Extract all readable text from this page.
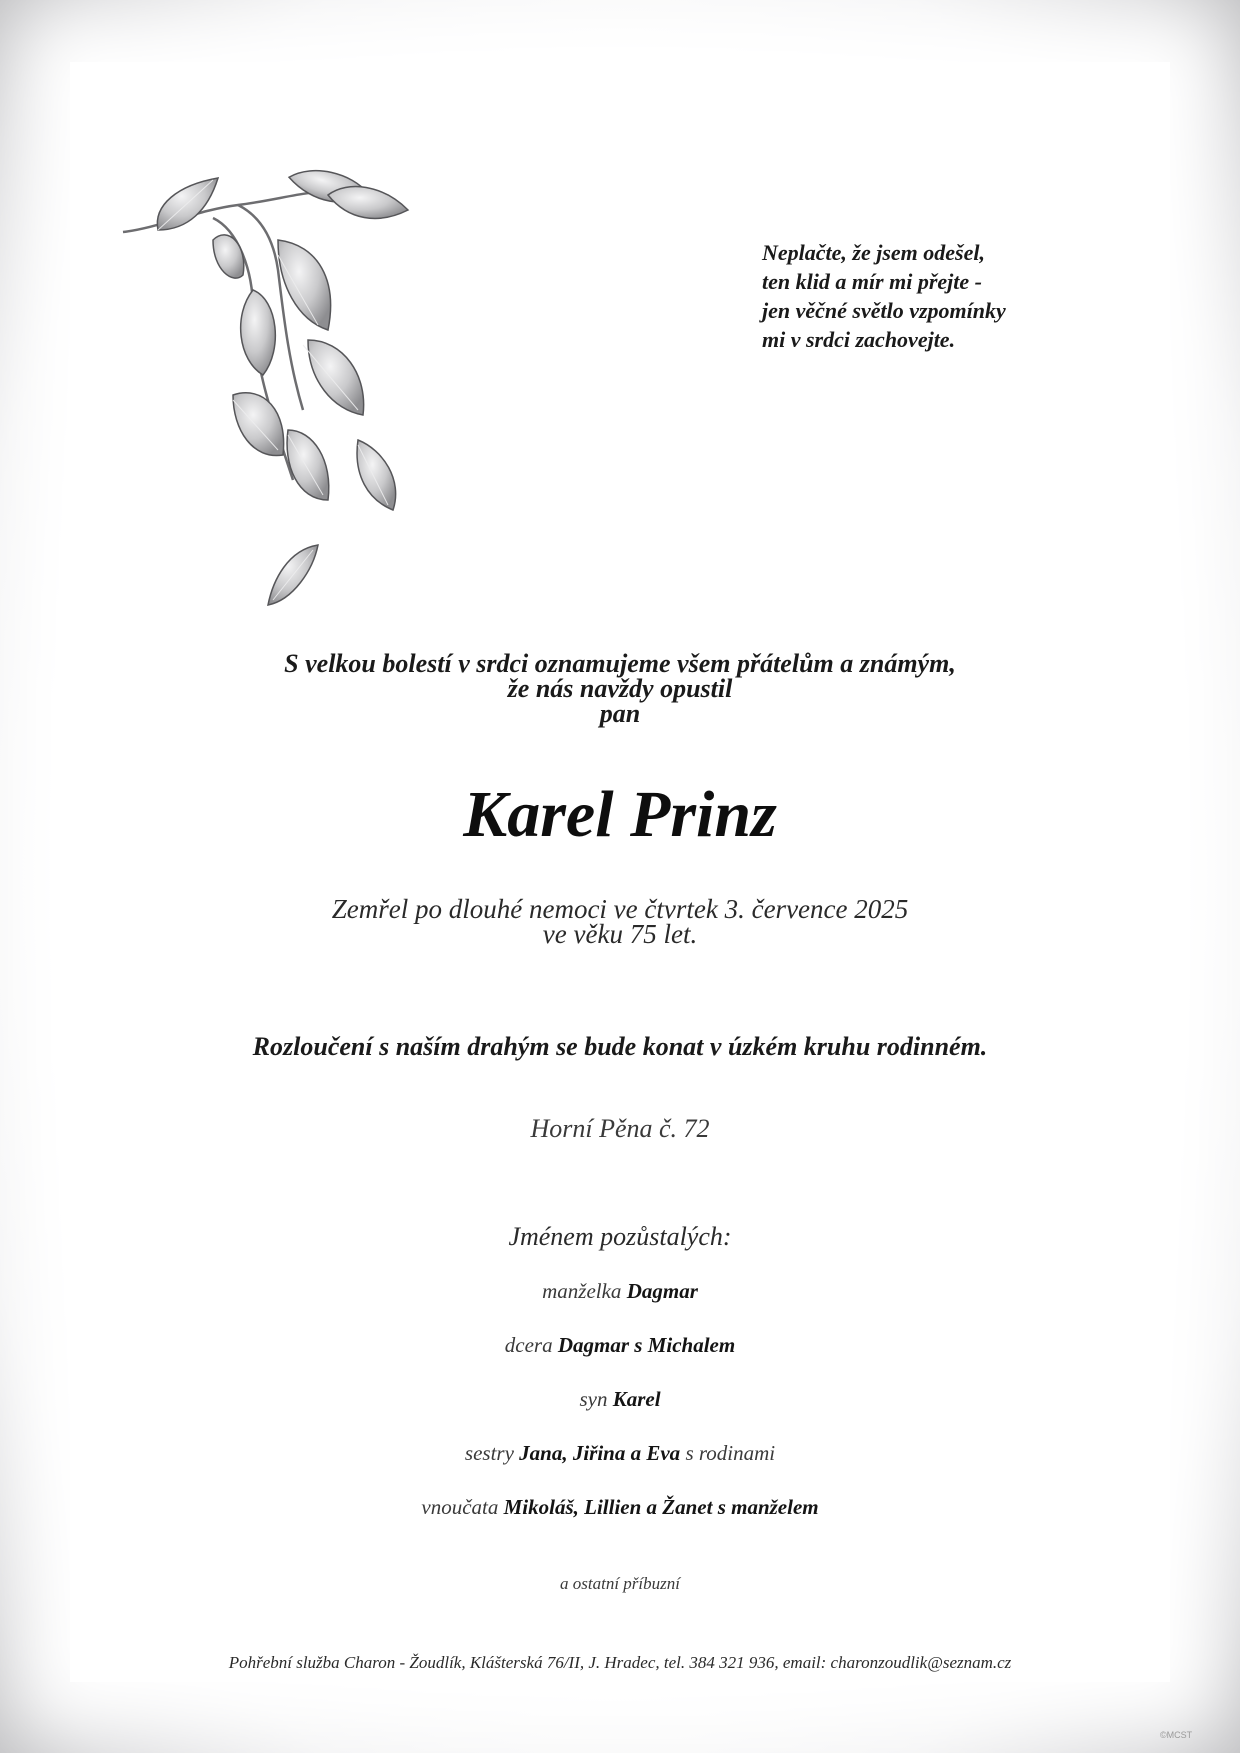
Neplačte, že jsem odešel,
ten klid a mír mi přejte -
jen věčné světlo vzpomínky
mi v srdci zachovejte.
S velkou bolestí v srdci oznamujeme všem přátelům a známým,
že nás navždy opustil
pan
Karel Prinz
Zemřel po dlouhé nemoci ve čtvrtek 3. července 2025
ve věku 75 let.
Rozloučení s naším drahým se bude konat v úzkém kruhu rodinném.
Horní Pěna č. 72
Jménem pozůstalých:
manželka Dagmar
dcera Dagmar s Michalem
syn Karel
sestry Jana, Jiřina a Eva s rodinami
vnoučata Mikoláš, Lillien a Žanet s manželem
a ostatní příbuzní
Pohřební služba Charon - Žoudlík, Klášterská 76/II, J. Hradec, tel. 384 321 936, email: charonzoudlik@seznam.cz
©MCST
